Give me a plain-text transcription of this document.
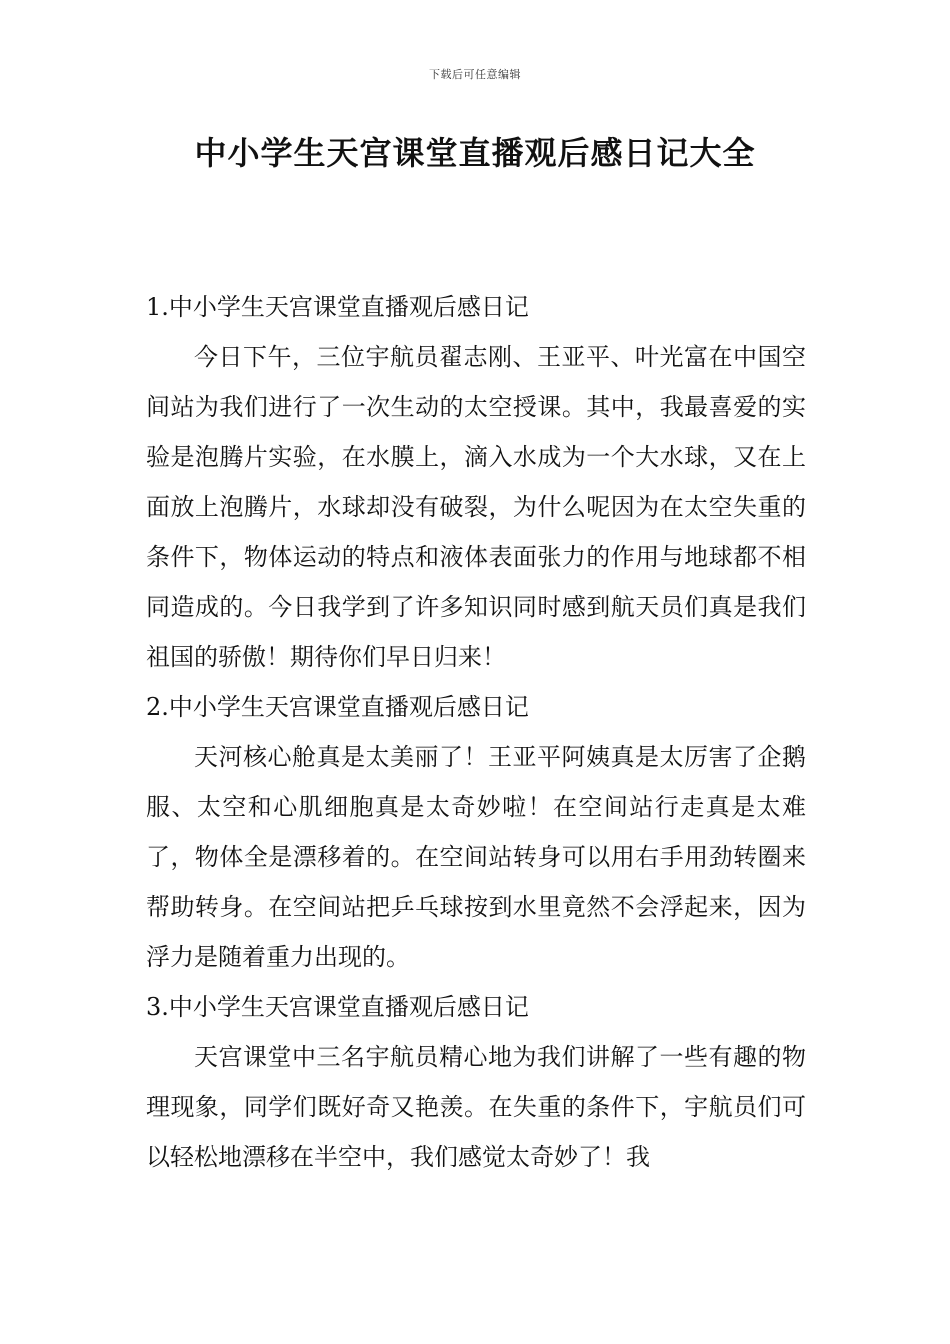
下载后可任意编辑
中小学生天宫课堂直播观后感日记大全
1.中小学生天宫课堂直播观后感日记

今日下午，三位宇航员翟志刚、王亚平、叶光富在中国空间站为我们进行了一次生动的太空授课。其中，我最喜爱的实验是泡腾片实验，在水膜上，滴入水成为一个大水球，又在上面放上泡腾片，水球却没有破裂，为什么呢因为在太空失重的条件下，物体运动的特点和液体表面张力的作用与地球都不相同造成的。今日我学到了许多知识同时感到航天员们真是我们祖国的骄傲！期待你们早日归来！

2.中小学生天宫课堂直播观后感日记

天河核心舱真是太美丽了！王亚平阿姨真是太厉害了企鹅服、太空和心肌细胞真是太奇妙啦！在空间站行走真是太难了，物体全是漂移着的。在空间站转身可以用右手用劲转圈来帮助转身。在空间站把乒乓球按到水里竟然不会浮起来，因为浮力是随着重力出现的。

3.中小学生天宫课堂直播观后感日记

天宫课堂中三名宇航员精心地为我们讲解了一些有趣的物理现象，同学们既好奇又艳羡。在失重的条件下，宇航员们可以轻松地漂移在半空中，我们感觉太奇妙了！我
